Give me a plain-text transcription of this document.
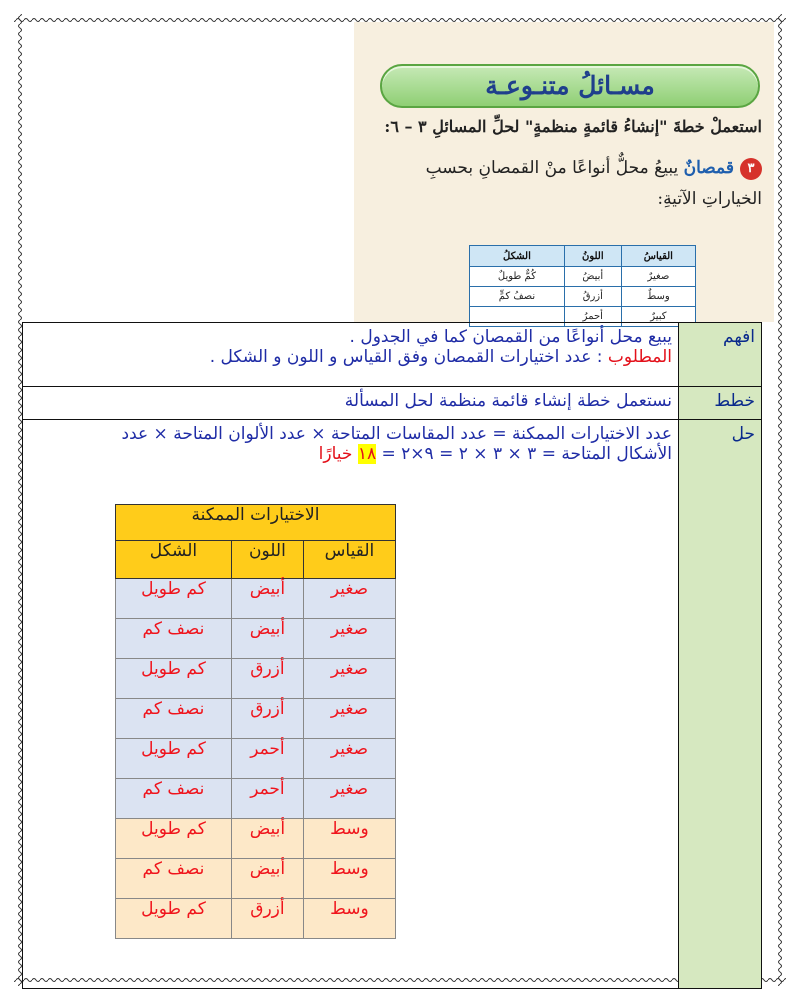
مسـائلُ متنـوعـة
استعملْ خطةَ "إنشاءُ قائمةٍ منظمةٍ" لحلِّ المسائلِ ٣ – ٦:
٣قمصانٌ يبيعُ محلٌّ أنواعًا منْ القمصانِ بحسبِ الخياراتِ الآتيةِ:
القياسُ	اللونُ	الشكلُ
صغيرٌ	أبيضُ	كُمٌّ طويلٌ
وسطٌ	أزرقُ	نصفُ كمٍّ
كبيرٌ	أحمرُ	
افهم	
يبيع محل أنواعًا من القمصان كما في الجدول .
المطلوب : عدد اختيارات القمصان وفق القياس و اللون و الشكل .

خطط	نستعمل خطة إنشاء قائمة منظمة لحل المسألة
حل	
عدد الاختيارات الممكنة = عدد المقاسات المتاحة × عدد الألوان المتاحة × عدد
الأشكال المتاحة = ٣ × ٣ × ٢ = ٩×٢ = ١٨ خيارًا
الاختيارات الممكنة
القياس	اللون	الشكل
صغير	أبيض	كم طويل
صغير	أبيض	نصف كم
صغير	أزرق	كم طويل
صغير	أزرق	نصف كم
صغير	أحمر	كم طويل
صغير	أحمر	نصف كم
وسط	أبيض	كم طويل
وسط	أبيض	نصف كم
وسط	أزرق	كم طويل
